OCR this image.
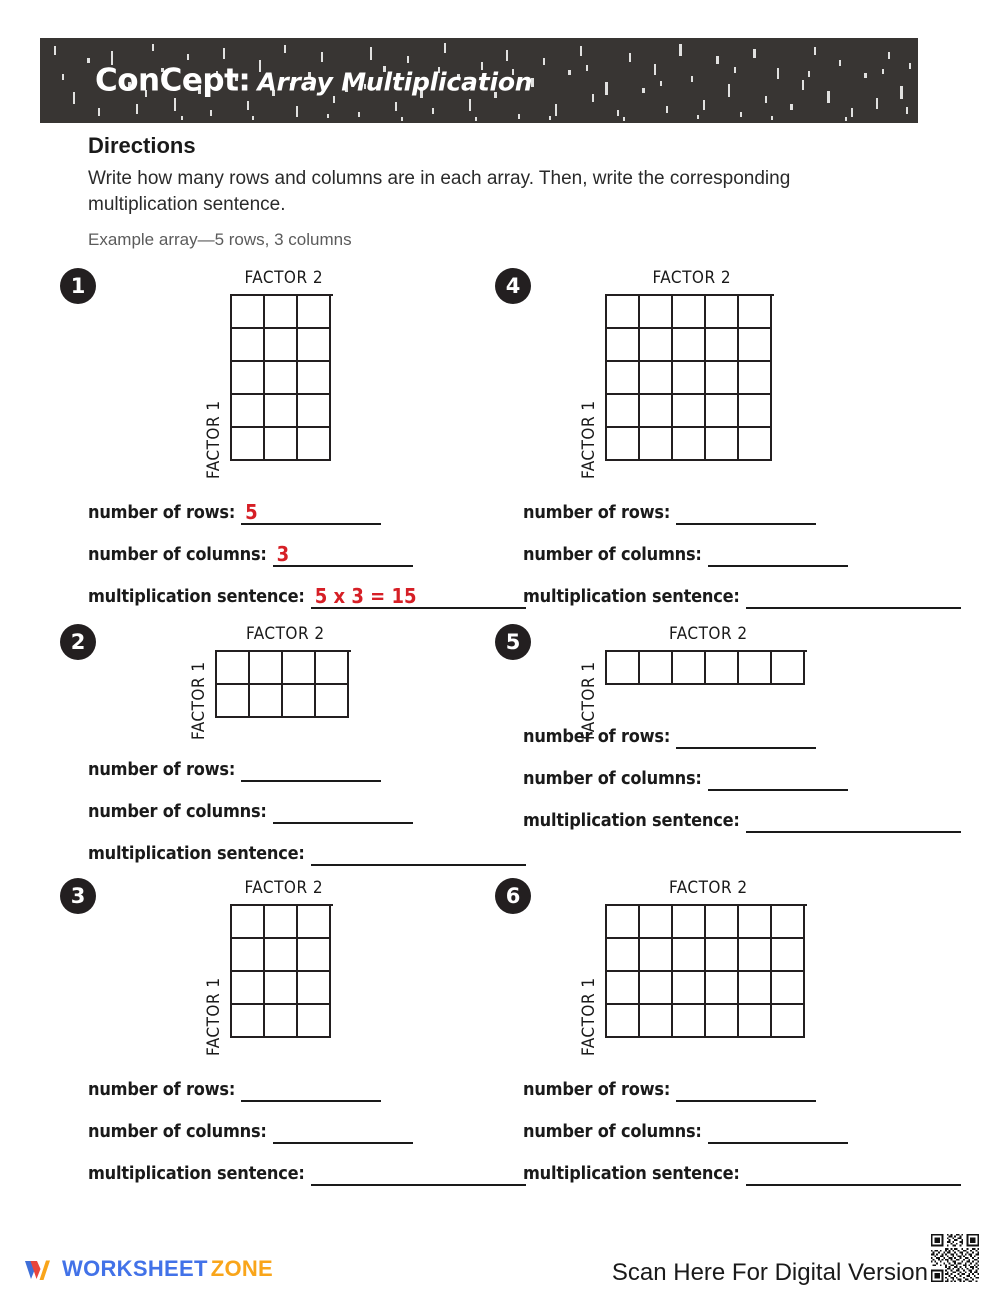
ConCept: Array Multiplication
Directions
Write how many rows and columns are in each array. Then, write the corresponding multiplication sentence.
Example array—5 rows, 3 columns
1	FACTOR 2
FACTOR 1
number of rows: 5
number of columns: 3
multiplication sentence: 5 x 3 = 15
2	FACTOR 2
FACTOR 1
number of rows:
number of columns:
multiplication sentence:
3	FACTOR 2
FACTOR 1
number of rows:
number of columns:
multiplication sentence:
4	FACTOR 2
FACTOR 1
number of rows:
number of columns:
multiplication sentence:
5	FACTOR 2
FACTOR 1
number of rows:
number of columns:
multiplication sentence:
6	FACTOR 2
FACTOR 1
number of rows:
number of columns:
multiplication sentence:
WORKSHEET ZONE	Scan Here For Digital Version
